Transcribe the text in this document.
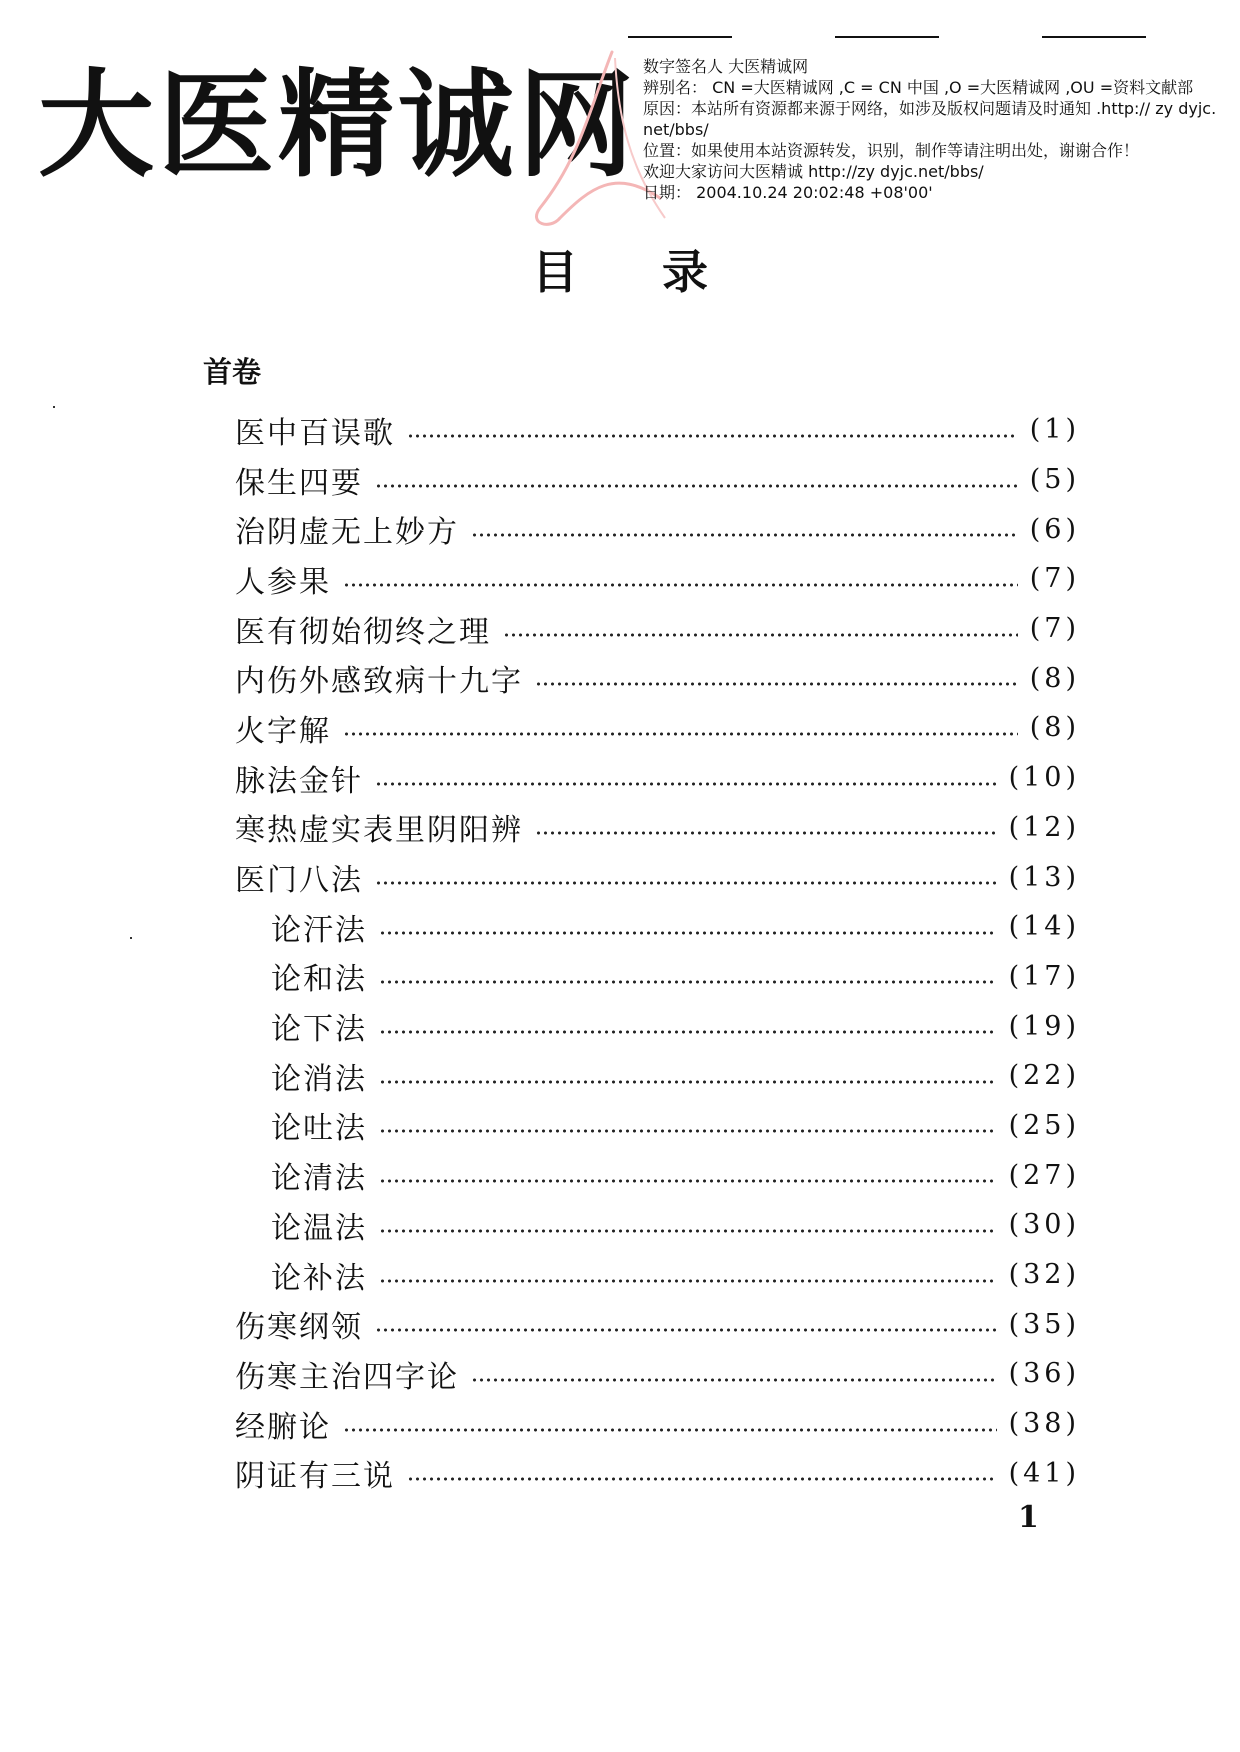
大医精诚网 数字签名人 大医精诚网
辨别名： CN =大医精诚网 ,C = CN 中国 ,O =大医精诚网 ,OU =资料文献部
原因：本站所有资源都来源于网络，如涉及版权问题请及时通知 .http:// zy dyjc.net/bbs/
位置：如果使用本站资源转发，识别，制作等请注明出处，谢谢合作！
欢迎大家访问大医精诚 http://zy dyjc.net/bbs/
日期： 2004.10.24 20:02:48 +08'00'
目录
首卷
医中百误歌	(1)
保生四要	(5)
治阴虚无上妙方	(6)
人参果	(7)
医有彻始彻终之理	(7)
内伤外感致病十九字	(8)
火字解	(8)
脉法金针	(10)
寒热虚实表里阴阳辨	(12)
医门八法	(13)
论汗法	(14)
论和法	(17)
论下法	(19)
论消法	(22)
论吐法	(25)
论清法	(27)
论温法	(30)
论补法	(32)
伤寒纲领	(35)
伤寒主治四字论	(36)
经腑论	(38)
阴证有三说	(41)
1
